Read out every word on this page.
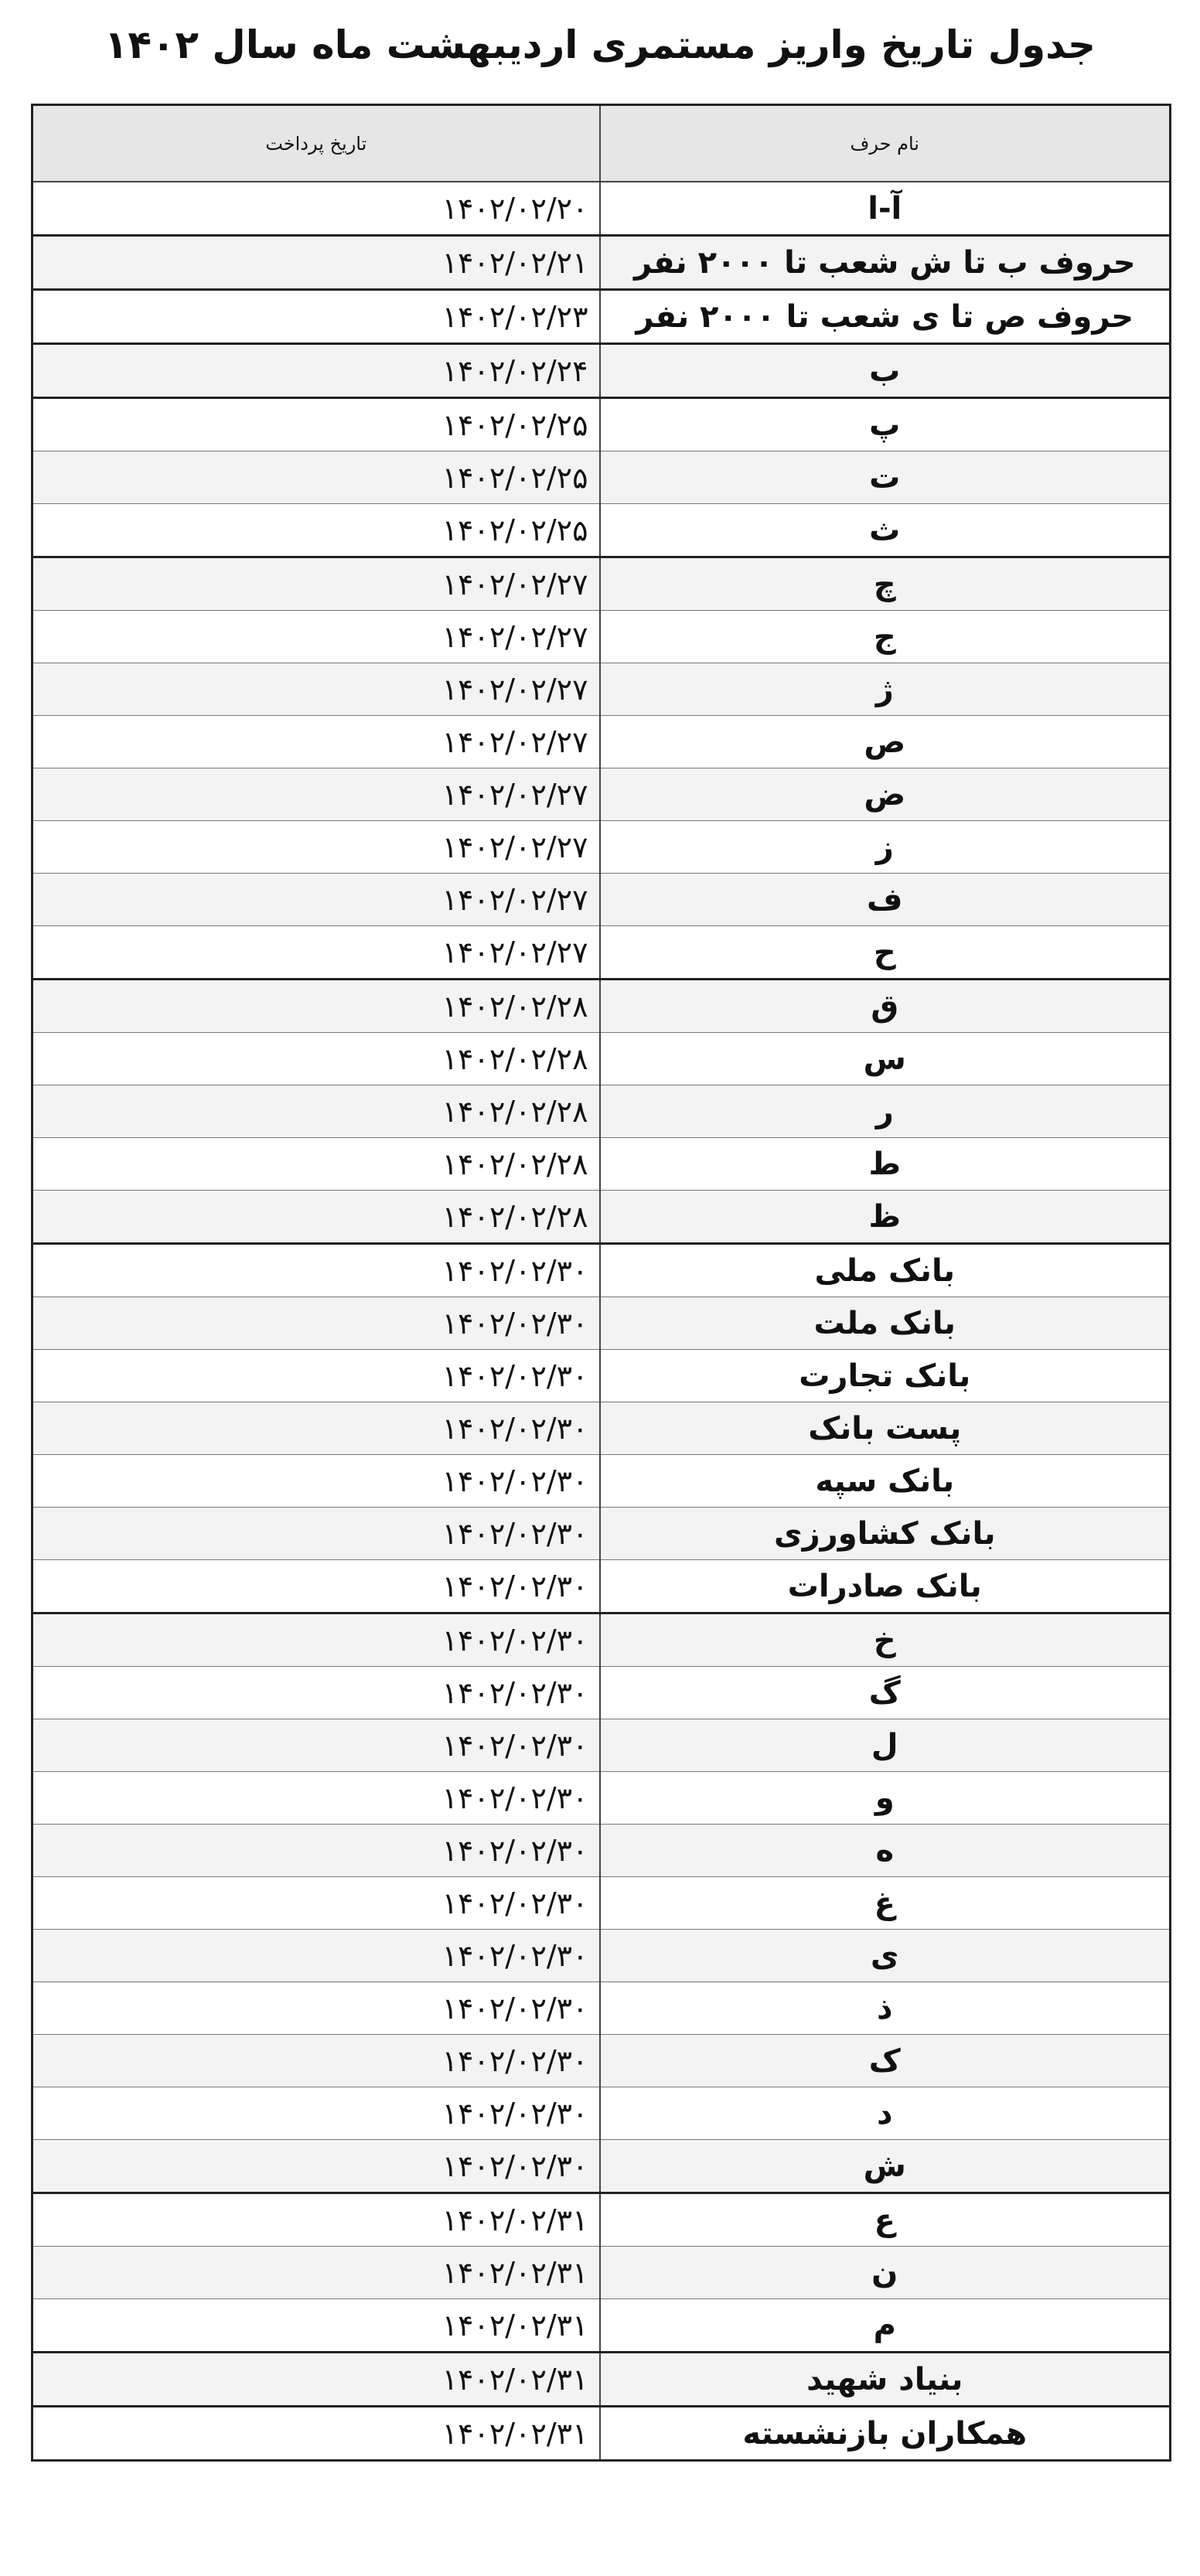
جدول تاریخ واریز مستمری اردیبهشت ماه سال ۱۴۰۲
تاریخ پرداخت	نام حرف
۱۴۰۲/۰۲/۲۰	آ-ا
۱۴۰۲/۰۲/۲۱	حروف ب تا ش شعب تا ۲۰۰۰ نفر
۱۴۰۲/۰۲/۲۳	حروف ص تا ی شعب تا ۲۰۰۰ نفر
۱۴۰۲/۰۲/۲۴	ب
۱۴۰۲/۰۲/۲۵	پ
۱۴۰۲/۰۲/۲۵	ت
۱۴۰۲/۰۲/۲۵	ث
۱۴۰۲/۰۲/۲۷	چ
۱۴۰۲/۰۲/۲۷	ج
۱۴۰۲/۰۲/۲۷	ژ
۱۴۰۲/۰۲/۲۷	ص
۱۴۰۲/۰۲/۲۷	ض
۱۴۰۲/۰۲/۲۷	ز
۱۴۰۲/۰۲/۲۷	ف
۱۴۰۲/۰۲/۲۷	ح
۱۴۰۲/۰۲/۲۸	ق
۱۴۰۲/۰۲/۲۸	س
۱۴۰۲/۰۲/۲۸	ر
۱۴۰۲/۰۲/۲۸	ط
۱۴۰۲/۰۲/۲۸	ظ
۱۴۰۲/۰۲/۳۰	بانک ملی
۱۴۰۲/۰۲/۳۰	بانک ملت
۱۴۰۲/۰۲/۳۰	بانک تجارت
۱۴۰۲/۰۲/۳۰	پست بانک
۱۴۰۲/۰۲/۳۰	بانک سپه
۱۴۰۲/۰۲/۳۰	بانک کشاورزی
۱۴۰۲/۰۲/۳۰	بانک صادرات
۱۴۰۲/۰۲/۳۰	خ
۱۴۰۲/۰۲/۳۰	گ
۱۴۰۲/۰۲/۳۰	ل
۱۴۰۲/۰۲/۳۰	و
۱۴۰۲/۰۲/۳۰	ه
۱۴۰۲/۰۲/۳۰	غ
۱۴۰۲/۰۲/۳۰	ی
۱۴۰۲/۰۲/۳۰	ذ
۱۴۰۲/۰۲/۳۰	ک
۱۴۰۲/۰۲/۳۰	د
۱۴۰۲/۰۲/۳۰	ش
۱۴۰۲/۰۲/۳۱	ع
۱۴۰۲/۰۲/۳۱	ن
۱۴۰۲/۰۲/۳۱	م
۱۴۰۲/۰۲/۳۱	بنیاد شهید
۱۴۰۲/۰۲/۳۱	همکاران بازنشسته
